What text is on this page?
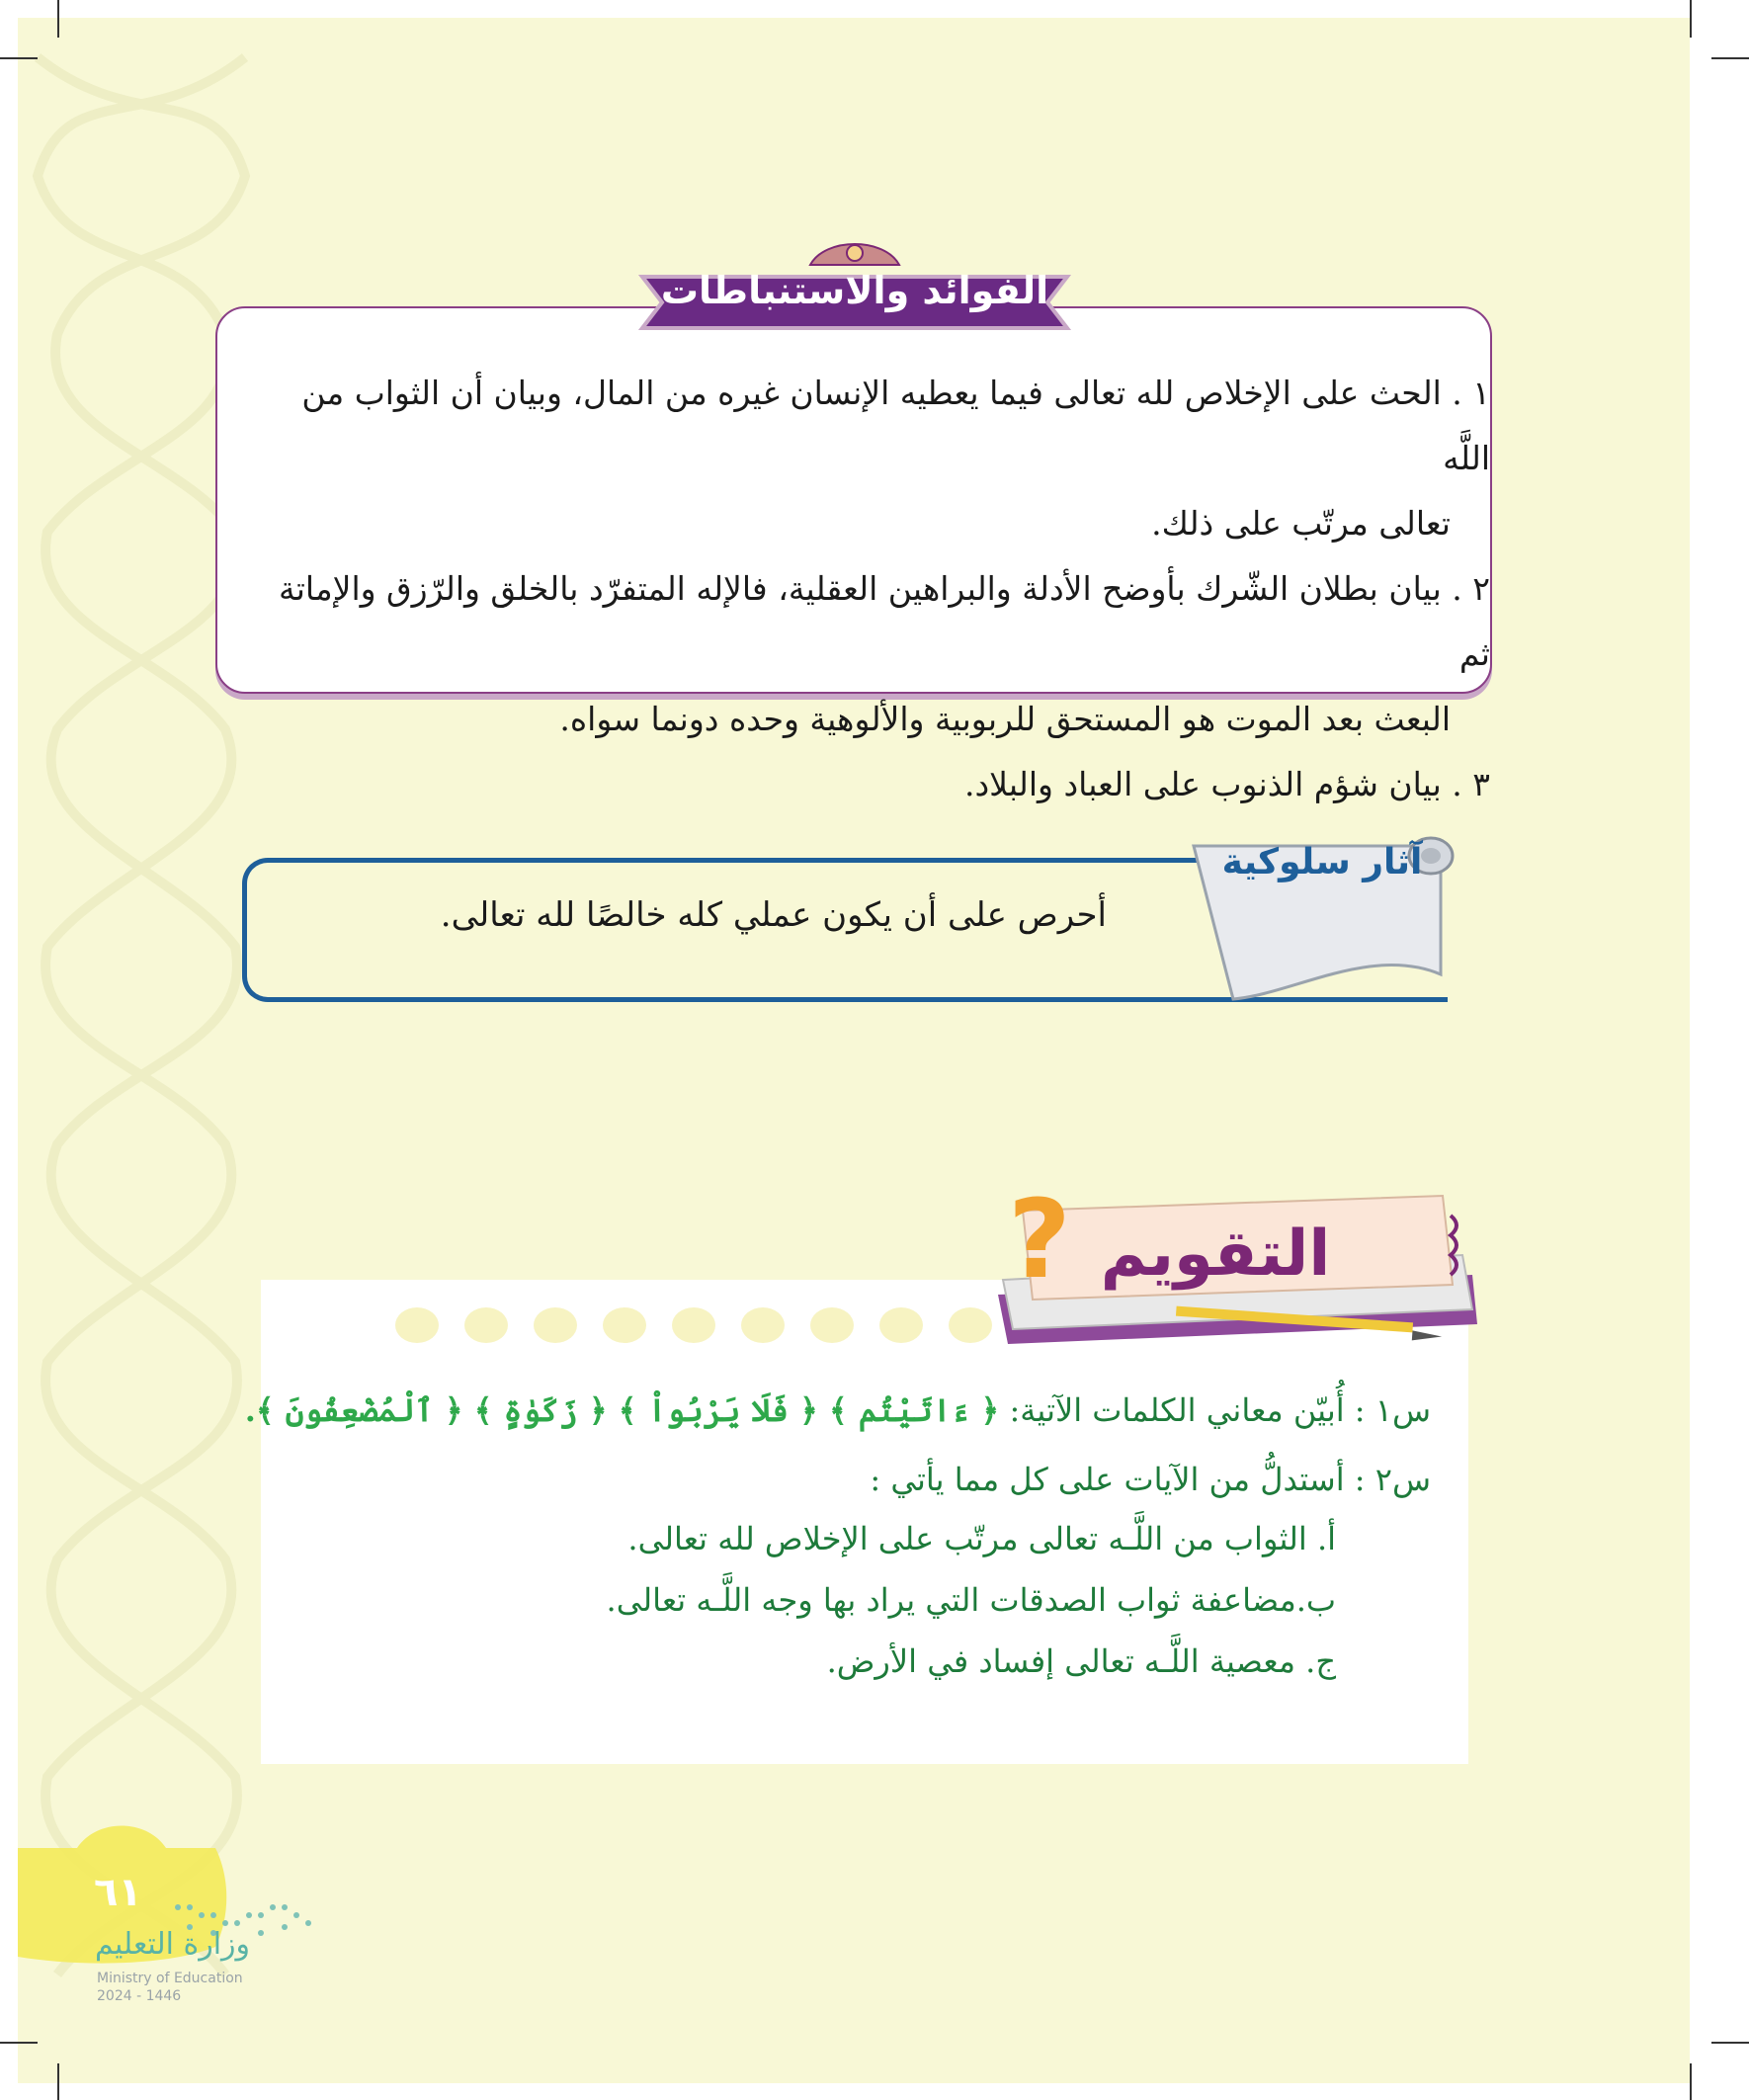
الفوائد والاستنباطات

١ . الحث على الإخلاص لله تعالى فيما يعطيه الإنسان غيره من المال، وبيان أن الثواب من اللَّه

تعالى مرتّب على ذلك.

٢ . بيان بطلان الشّرك بأوضح الأدلة والبراهين العقلية، فالإله المتفرّد بالخلق والرّزق والإماتة ثم

البعث بعد الموت هو المستحق للربوبية والألوهية وحده دونما سواه.

٣ . بيان شؤم الذنوب على العباد والبلاد.

آثار سلوكية
أحرص على أن يكون عملي كله خالصًا لله تعالى.
? التقويم
س١ : أُبيّن معاني الكلمات الآتية: ﴿ ءَاتَيْتُم ﴾ ﴿ فَلَا يَرْبُواْ ﴾ ﴿ زَكَوٰةٍ ﴾ ﴿ ٱلْمُضْعِفُونَ ﴾.
س٢ : أستدلُّ من الآيات على كل مما يأتي :
أ. الثواب من اللَّـه تعالى مرتّب على الإخلاص لله تعالى.
ب.مضاعفة ثواب الصدقات التي يراد بها وجه اللَّـه تعالى.
ج. معصية اللَّـه تعالى إفساد في الأرض.
٦١
وزارة التعليم
Ministry of Education
2024 - 1446
